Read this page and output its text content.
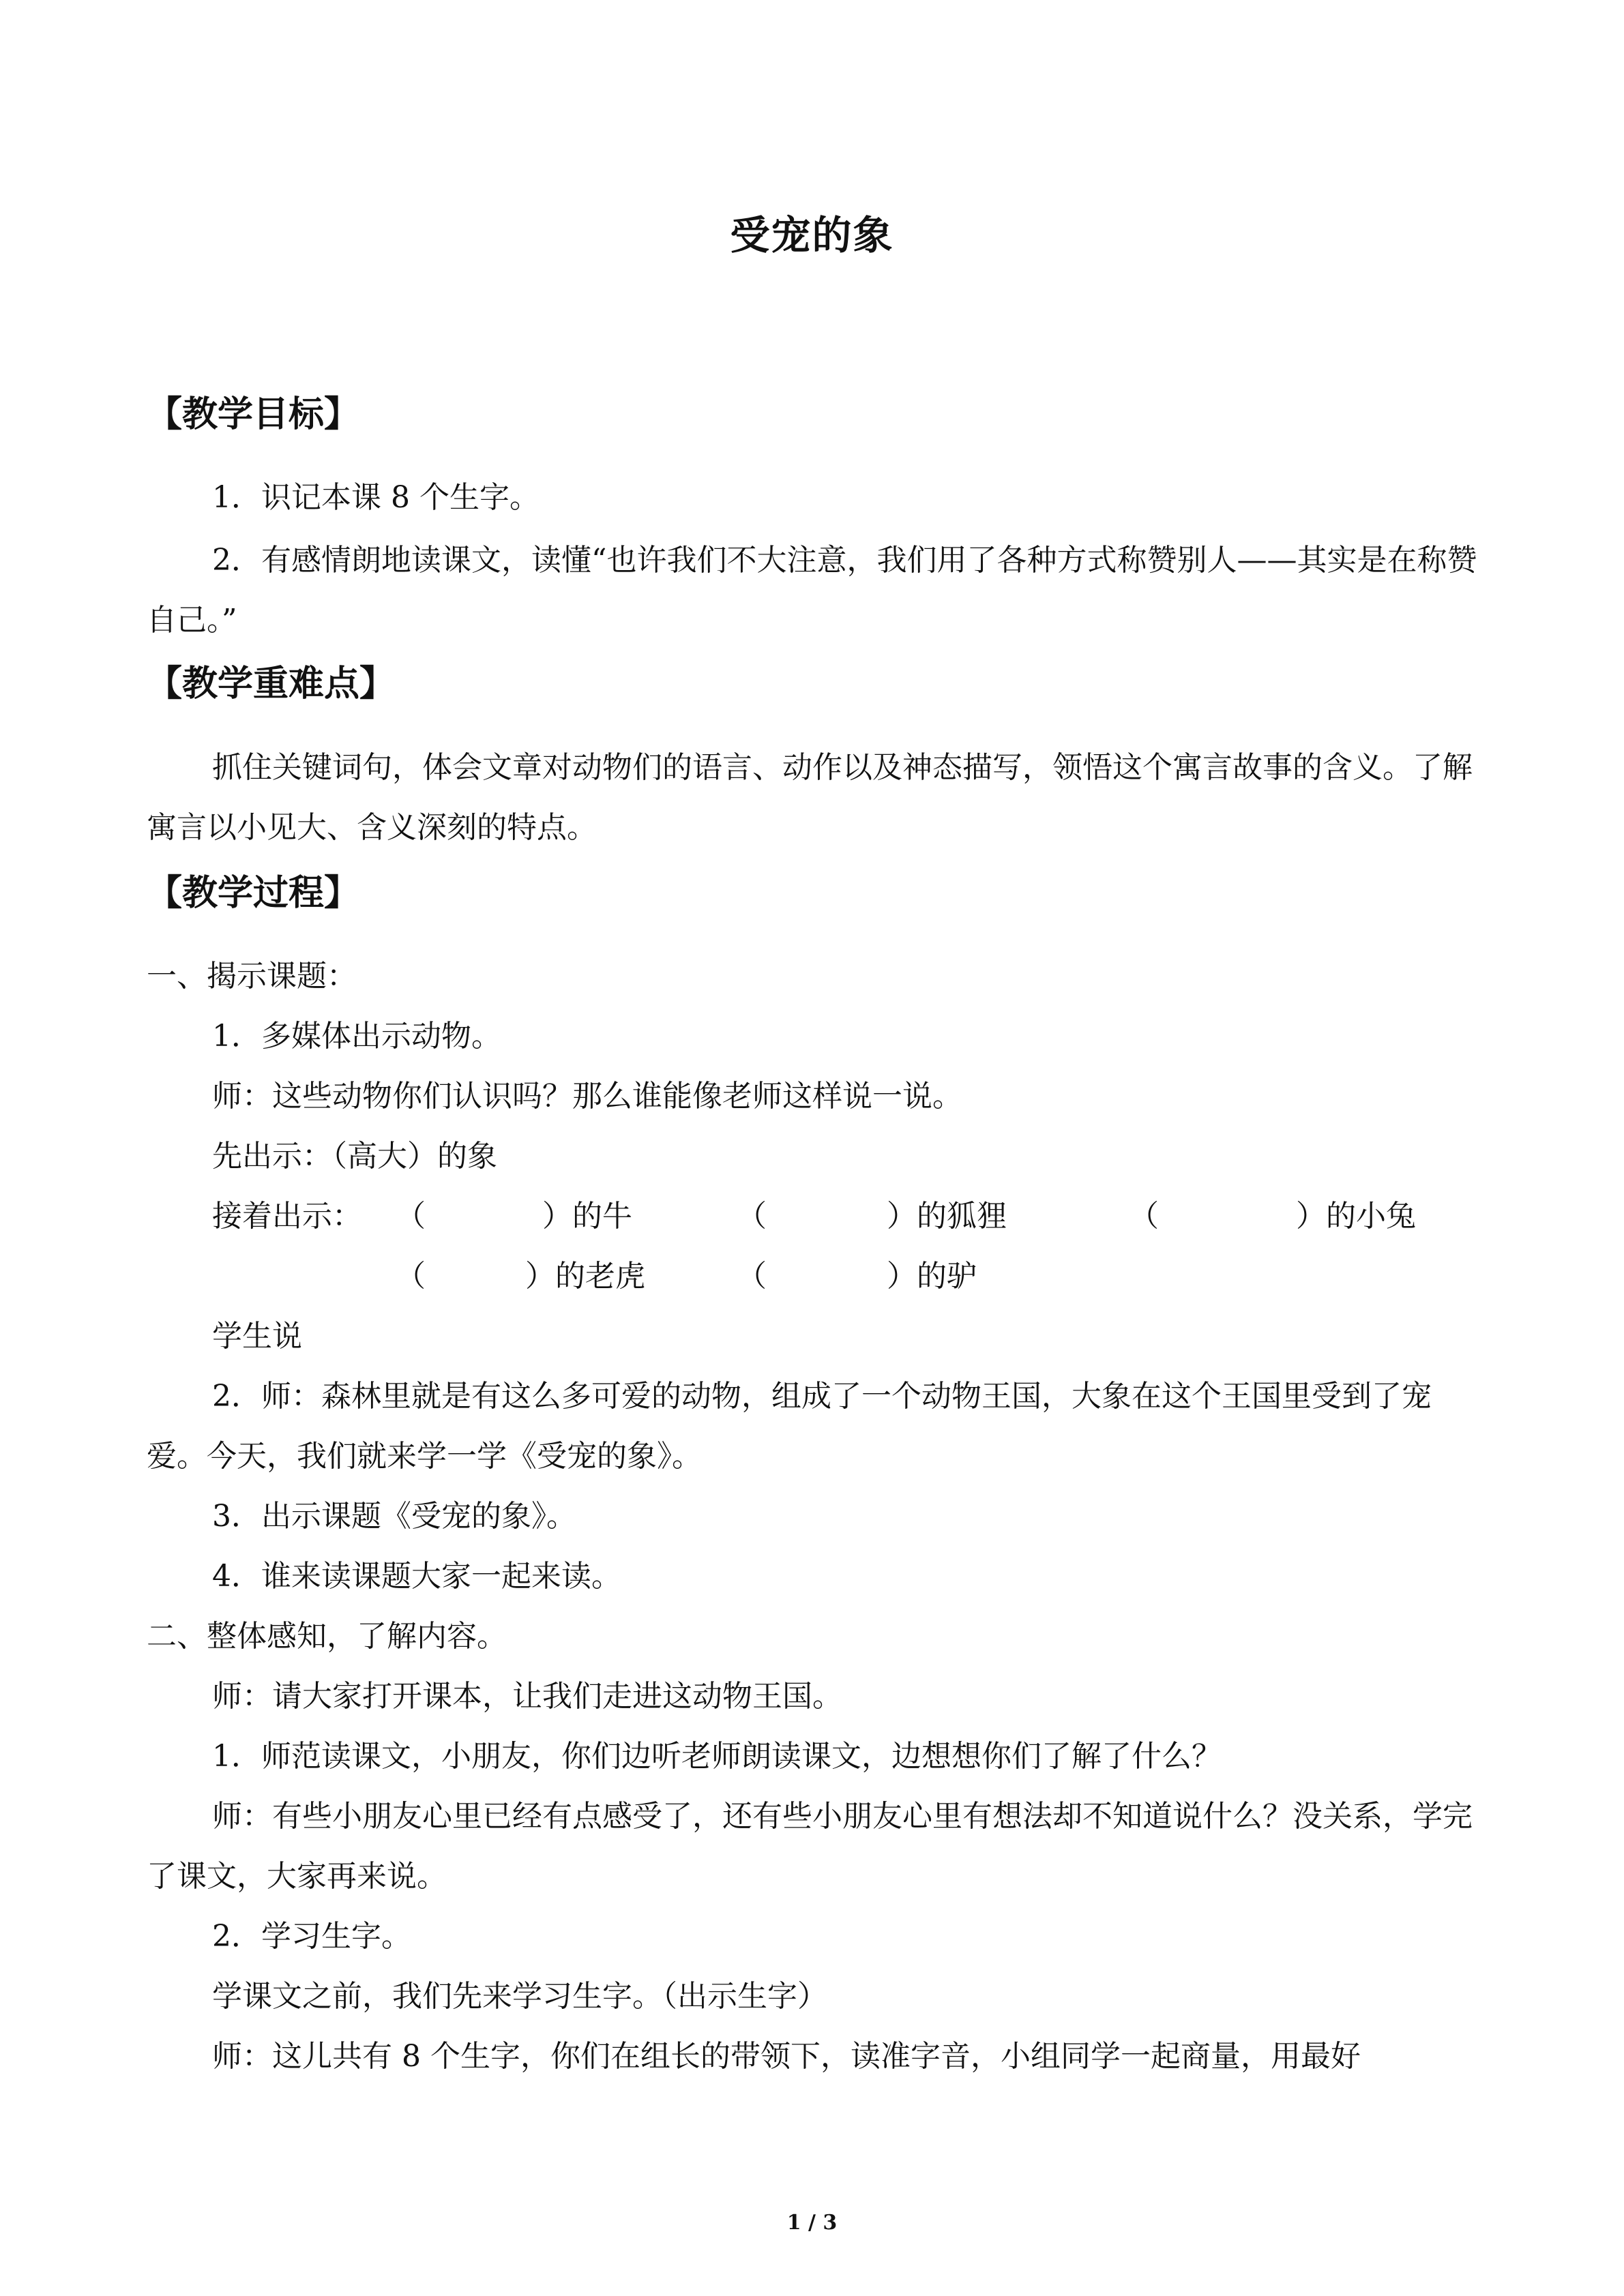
受宠的象
【教学目标】

1．识记本课 8 个生字。

2．有感情朗地读课文，读懂“也许我们不大注意，我们用了各种方式称赞别人——其实是在称赞自己。”

【教学重难点】

抓住关键词句，体会文章对动物们的语言、动作以及神态描写，领悟这个寓言故事的含义。了解寓言以小见大、含义深刻的特点。

【教学过程】

一、揭示课题：

1．多媒体出示动物。

师：这些动物你们认识吗？那么谁能像老师这样说一说。

先出示：（高大）的象

接着出示： （	）的牛	（	）的狐狸	（	）的小兔
（	）的老虎	（	）的驴

学生说

2．师：森林里就是有这么多可爱的动物，组成了一个动物王国，大象在这个王国里受到了宠爱。今天，我们就来学一学《受宠的象》。

3．出示课题《受宠的象》。

4．谁来读课题大家一起来读。

二、整体感知，了解内容。

师：请大家打开课本，让我们走进这动物王国。

1．师范读课文，小朋友，你们边听老师朗读课文，边想想你们了解了什么？

师：有些小朋友心里已经有点感受了，还有些小朋友心里有想法却不知道说什么？没关系，学完了课文，大家再来说。

2．学习生字。

学课文之前，我们先来学习生字。（出示生字）

师：这儿共有 8 个生字，你们在组长的带领下，读准字音，小组同学一起商量，用最好

1 / 3
